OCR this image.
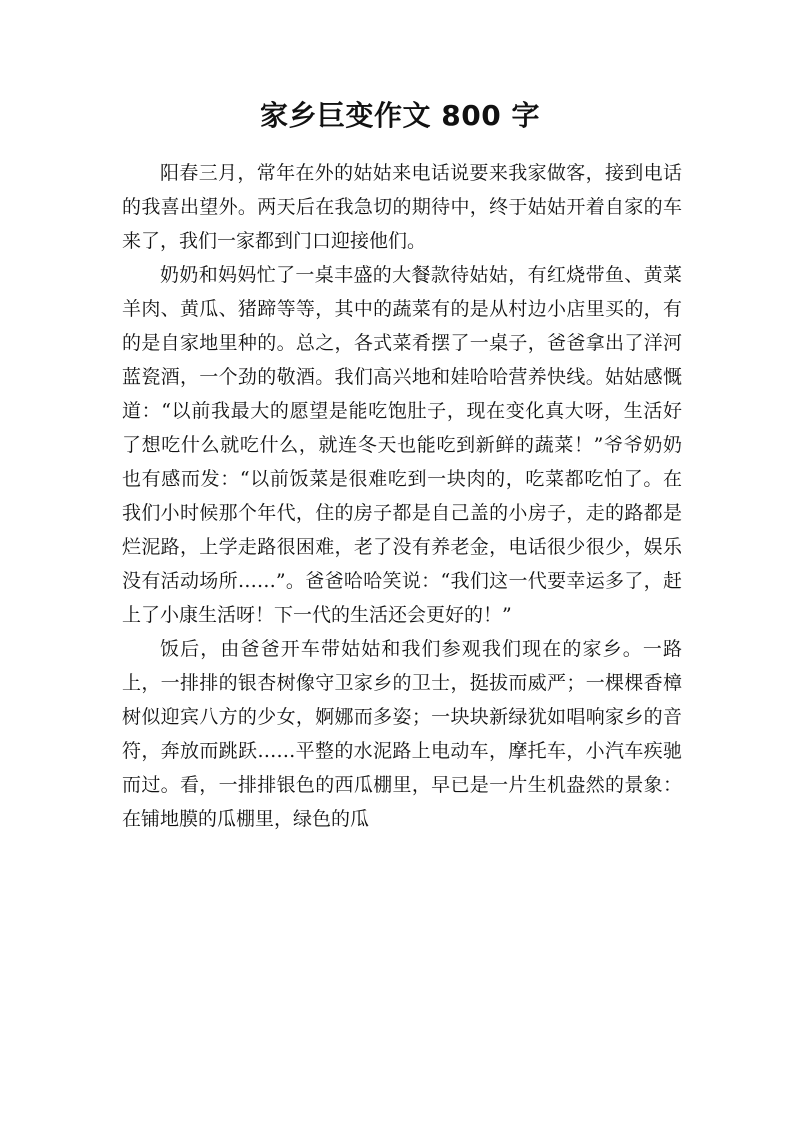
家乡巨变作文 800 字

阳春三月，常年在外的姑姑来电话说要来我家做客，接到电话的我喜出望外。两天后在我急切的期待中，终于姑姑开着自家的车来了，我们一家都到门口迎接他们。

奶奶和妈妈忙了一桌丰盛的大餐款待姑姑，有红烧带鱼、黄菜羊肉、黄瓜、猪蹄等等，其中的蔬菜有的是从村边小店里买的，有的是自家地里种的。总之，各式菜肴摆了一桌子，爸爸拿出了洋河蓝瓷酒，一个劲的敬酒。我们高兴地和娃哈哈营养快线。姑姑感慨道：“以前我最大的愿望是能吃饱肚子，现在变化真大呀，生活好了想吃什么就吃什么，就连冬天也能吃到新鲜的蔬菜！”爷爷奶奶也有感而发：“以前饭菜是很难吃到一块肉的，吃菜都吃怕了。在我们小时候那个年代，住的房子都是自己盖的小房子，走的路都是烂泥路，上学走路很困难，老了没有养老金，电话很少很少，娱乐没有活动场所……”。爸爸哈哈笑说：“我们这一代要幸运多了，赶上了小康生活呀！下一代的生活还会更好的！”

饭后，由爸爸开车带姑姑和我们参观我们现在的家乡。一路上，一排排的银杏树像守卫家乡的卫士，挺拔而威严；一棵棵香樟树似迎宾八方的少女，婀娜而多姿；一块块新绿犹如唱响家乡的音符，奔放而跳跃……平整的水泥路上电动车，摩托车，小汽车疾驰而过。看，一排排银色的西瓜棚里，早已是一片生机盎然的景象：在铺地膜的瓜棚里，绿色的瓜
